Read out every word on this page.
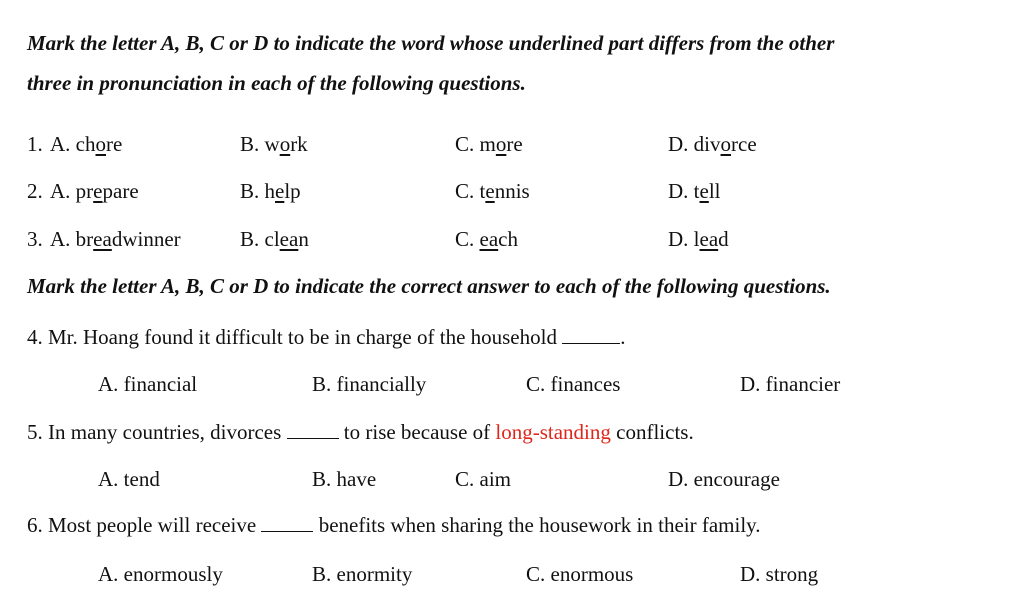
Mark the letter A, B, C or D to indicate the word whose underlined part differs from the other
three in pronunciation in each of the following questions.
1. A. chore	B. work	C. more	D. divorce
2. A. prepare	B. help	C. tennis	D. tell
3. A. breadwinner	B. clean	C. each	D. lead
Mark the letter A, B, C or D to indicate the correct answer to each of the following questions.
4. Mr. Hoang found it difficult to be in charge of the household	.
A. financial	B. financially	C. finances	D. financier
5. In many countries, divorces	to rise because of long-standing conflicts.
A. tend	B. have	C. aim	D. encourage
6. Most people will receive	benefits when sharing the housework in their family.
A. enormously	B. enormity	C. enormous	D. strong
